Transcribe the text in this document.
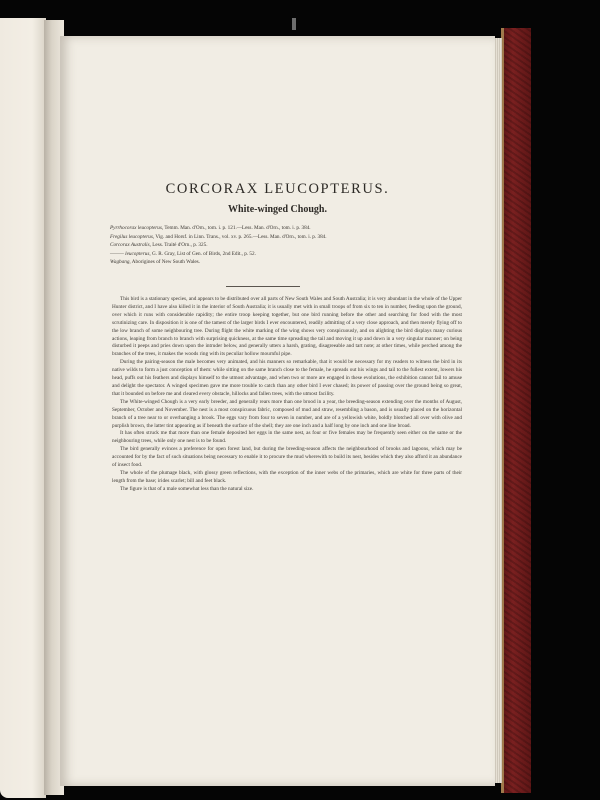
CORCORAX LEUCOPTERUS.
White-winged Chough.
Pyrrhocorax leucopterus, Temm. Man. d'Orn., tom. i. p. 121.—Less. Man. d'Orn., tom. i. p. 384.
Fregilus leucopterus, Vig. and Horsf. in Linn. Trans., vol. xv. p. 265.—Less. Man. d'Orn., tom. i. p. 384.
Corcorax Australis, Less. Traité d'Orn., p. 325.
——— leucopterus, G. R. Gray, List of Gen. of Birds, 2nd Edit., p. 52.
Wagbang, Aborigines of New South Wales.

This bird is a stationary species, and appears to be distributed over all parts of New South Wales and South Australia; it is very abundant in the whole of the Upper Hunter district, and I have also killed it in the interior of South Australia; it is usually met with in small troops of from six to ten in number, feeding upon the ground, over which it runs with considerable rapidity; the entire troop keeping together, but one bird running before the other and searching for food with the most scrutinizing care. In disposition it is one of the tamest of the larger birds I ever encountered, readily admitting of a very close approach, and then merely flying off to the low branch of some neighbouring tree. During flight the white marking of the wing shows very conspicuously, and on alighting the bird displays many curious actions, leaping from branch to branch with surprising quickness, at the same time spreading the tail and moving it up and down in a very singular manner; on being disturbed it peeps and pries down upon the intruder below, and generally utters a harsh, grating, disagreeable and tart note; at other times, while perched among the branches of the trees, it makes the woods ring with its peculiar hollow mournful pipe.

During the pairing-season the male becomes very animated, and his manners so remarkable, that it would be necessary for my readers to witness the bird in its native wilds to form a just conception of them: while sitting on the same branch close to the female, he spreads out his wings and tail to the fullest extent, lowers his head, puffs out his feathers and displays himself to the utmost advantage, and when two or more are engaged in these evolutions, the exhibition cannot fail to amuse and delight the spectator. A winged specimen gave me more trouble to catch than any other bird I ever chased; its power of passing over the ground being so great, that it bounded on before me and cleared every obstacle, hillocks and fallen trees, with the utmost facility.

The White-winged Chough is a very early breeder, and generally rears more than one brood in a year, the breeding-season extending over the months of August, September, October and November. The nest is a most conspicuous fabric, composed of mud and straw, resembling a bason, and is usually placed on the horizontal branch of a tree near to or overhanging a brook. The eggs vary from four to seven in number, and are of a yellowish white, boldly blotched all over with olive and purplish brown, the latter tint appearing as if beneath the surface of the shell; they are one inch and a half long by one inch and one line broad.

It has often struck me that more than one female deposited her eggs in the same nest, as four or five females may be frequently seen either on the same or the neighbouring trees, while only one nest is to be found.

The bird generally evinces a preference for open forest land, but during the breeding-season affects the neighbourhood of brooks and lagoons, which may be accounted for by the fact of such situations being necessary to enable it to procure the mud wherewith to build its nest, besides which they also afford it an abundance of insect food.

The whole of the plumage black, with glossy green reflections, with the exception of the inner webs of the primaries, which are white for three parts of their length from the base; irides scarlet; bill and feet black.

The figure is that of a male somewhat less than the natural size.
